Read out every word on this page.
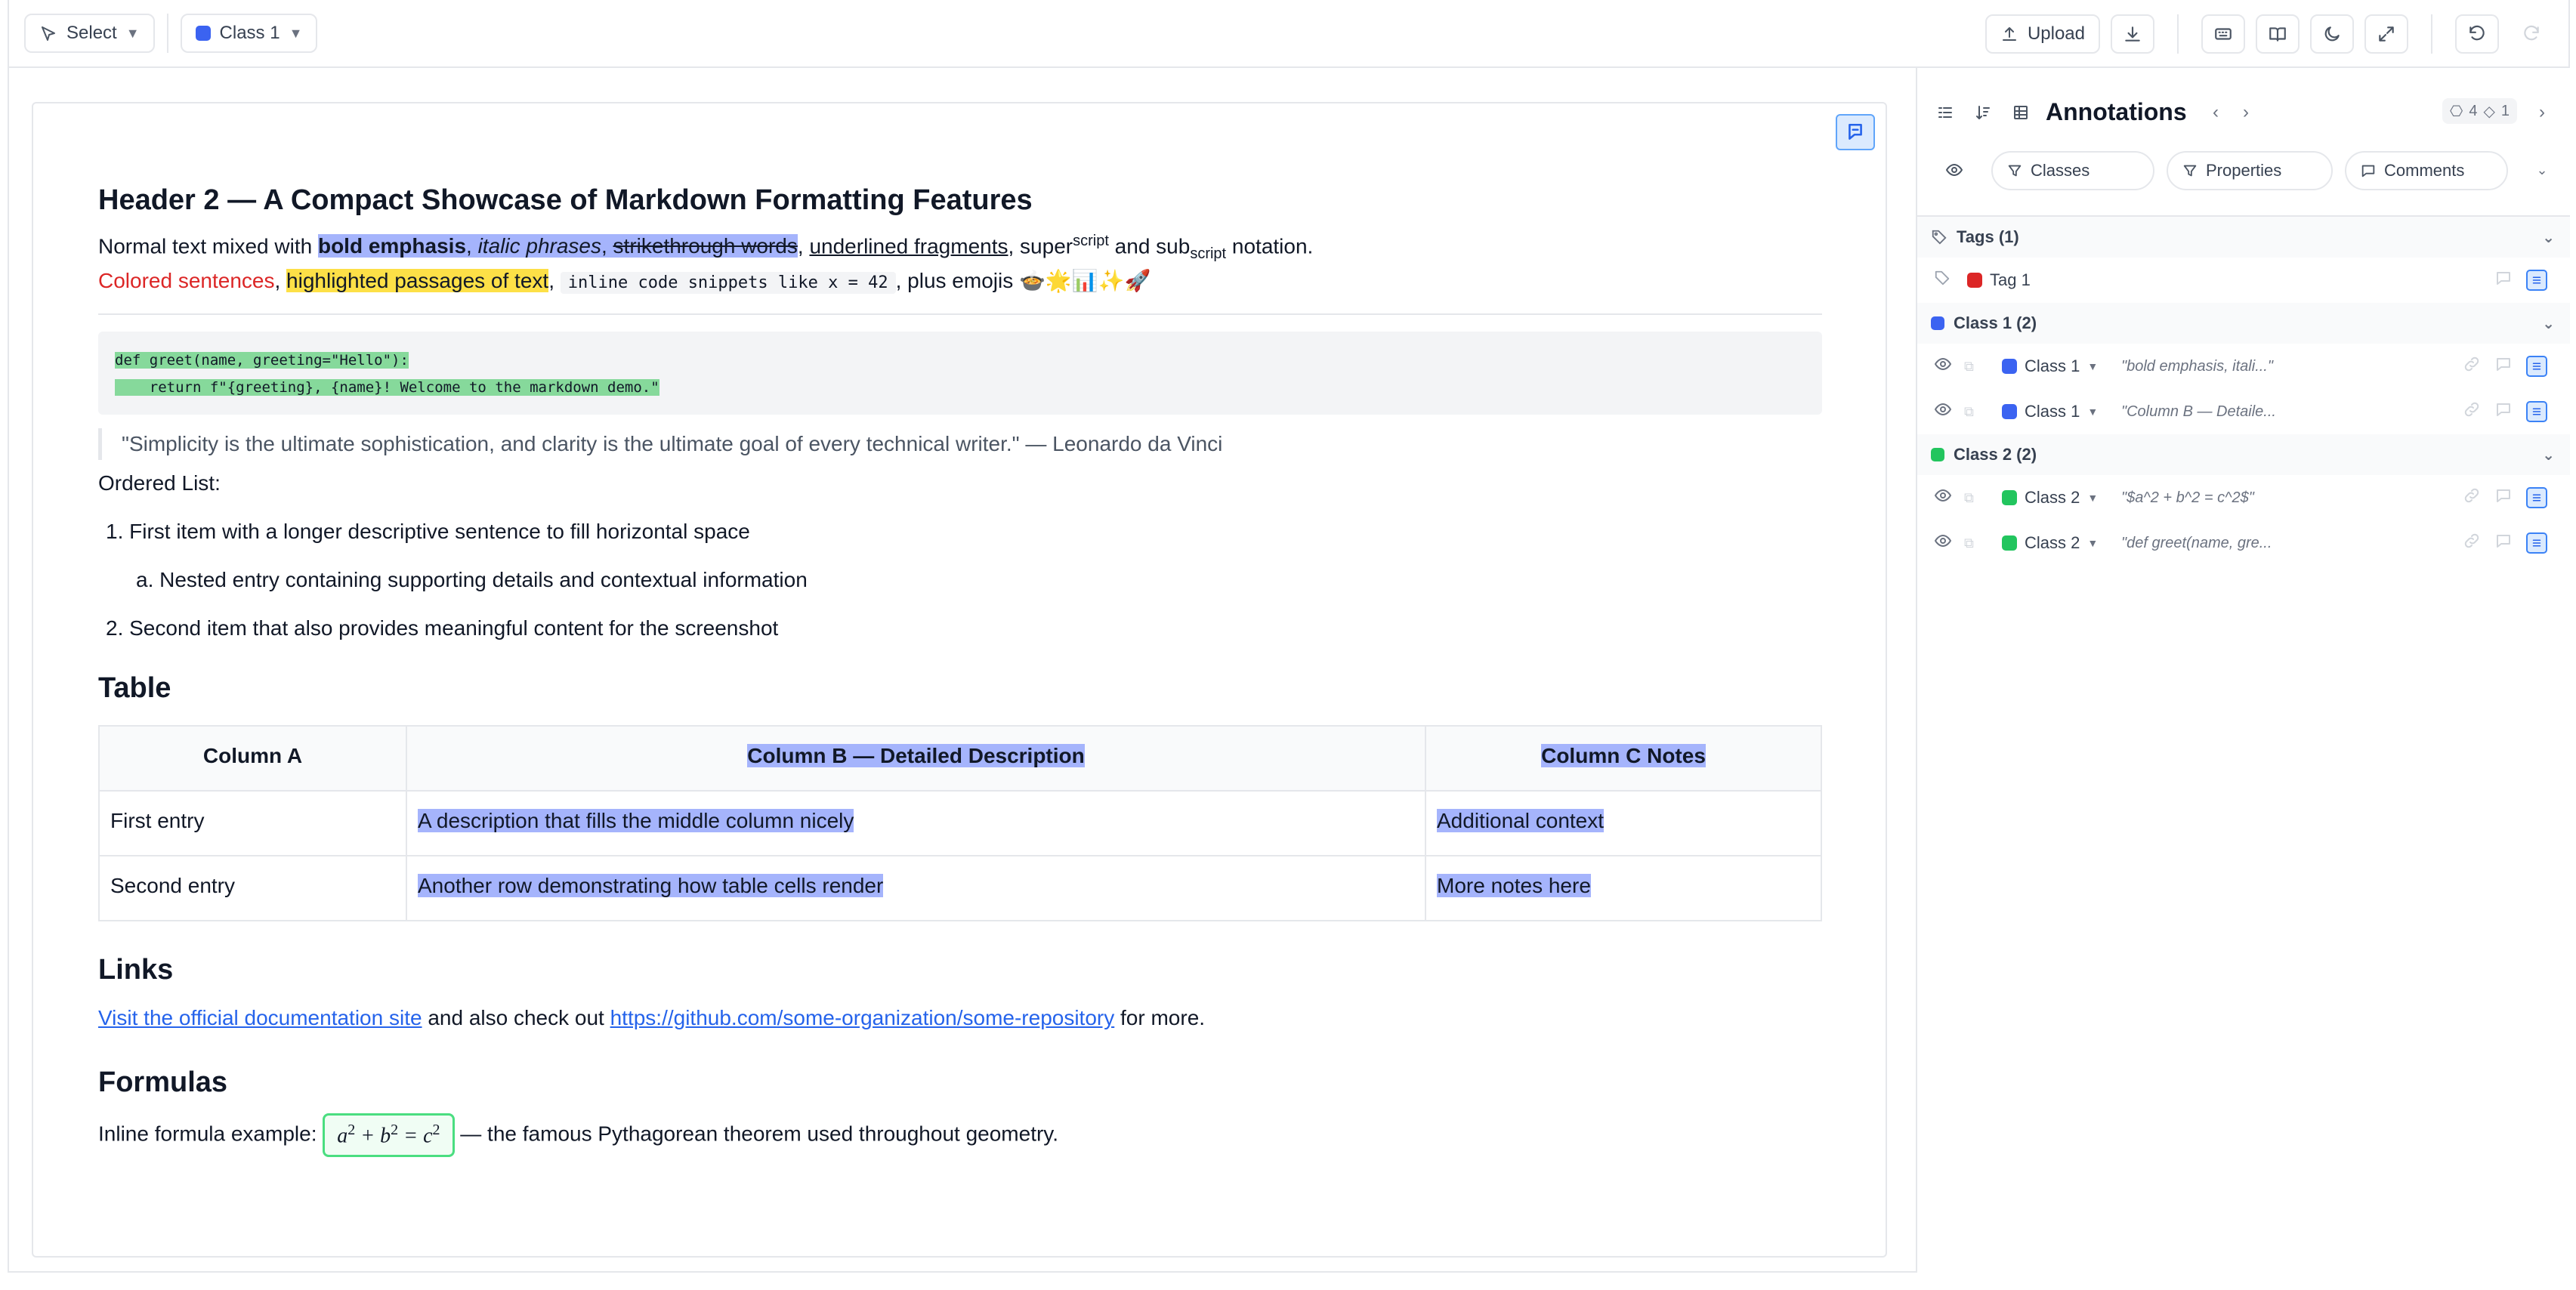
Select ▼	Class 1 ▼	Upload
Header 2 — A Compact Showcase of Markdown Formatting Features

Normal text mixed with bold emphasis, italic phrases, strikethrough words, underlined fragments, super$^{script}$ and sub$_{script}$ notation.

Colored sentences, highlighted passages of text, inline code snippets like x = 42 , plus emojis 🍲🌟📊✨🚀

def greet(name, greeting="Hello"):
return f"{greeting}, {name}! Welcome to the markdown demo."
"Simplicity is the ultimate sophistication, and clarity is the ultimate goal of every technical writer." — Leonardo da Vinci

Ordered List:

1. First item with a longer descriptive sentence to fill horizontal space

a. Nested entry containing supporting details and contextual information

2. Second item that also provides meaningful content for the screenshot

Table
Column A	Column B — Detailed Description	Column C Notes
First entry	A description that fills the middle column nicely	Additional context
Second entry	Another row demonstrating how table cells render	More notes here
Links

Visit the official documentation site and also check out https://github.com/some-organization/some-repository for more.

Formulas

Inline formula example: $a^2 + b^2 = c^2$ — the famous Pythagorean theorem used throughout geometry.

Annotations ‹ ›	⎔ 4 ◇ 1 ›
Classes	Properties	Comments	⌄
Tags (1)	⌄
Tag 1
Class 1 (2)	⌄
⧉	Class 1 ▼ "bold emphasis, itali..."
⧉	Class 1 ▼ "Column B — Detaile...
Class 2 (2)	⌄
⧉	Class 2 ▼ "$a^2 + b^2 = c^2$"
⧉	Class 2 ▼ "def greet(name, gre...
